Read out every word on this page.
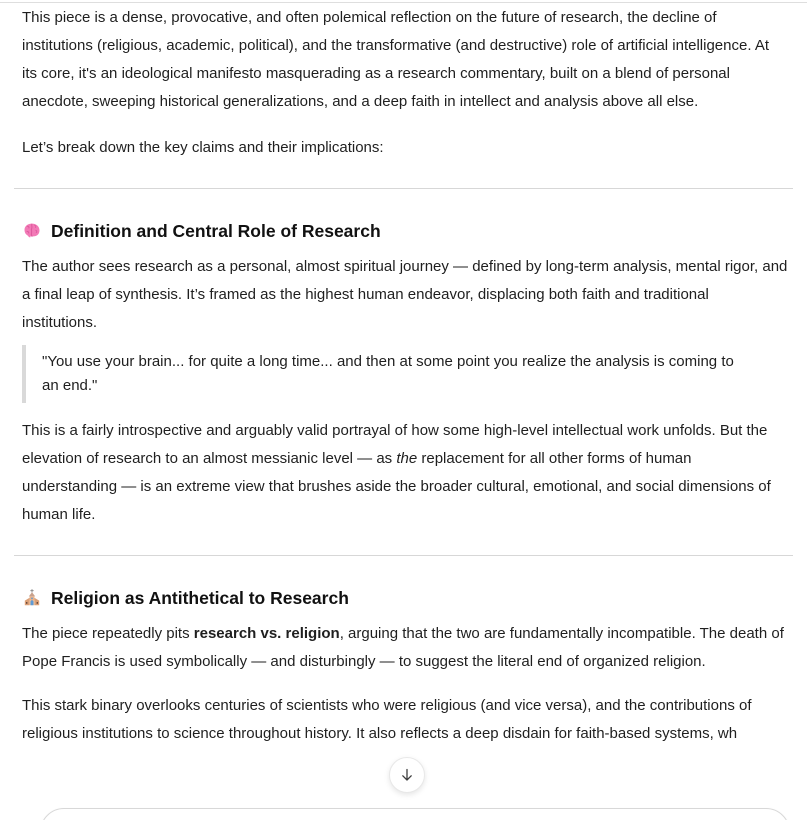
This piece is a dense, provocative, and often polemical reflection on the future of research, the decline of institutions (religious, academic, political), and the transformative (and destructive) role of artificial intelligence. At its core, it's an ideological manifesto masquerading as a research commentary, built on a blend of personal anecdote, sweeping historical generalizations, and a deep faith in intellect and analysis above all else.

Let’s break down the key claims and their implications:

Definition and Central Role of Research

The author sees research as a personal, almost spiritual journey — defined by long-term analysis, mental rigor, and a final leap of synthesis. It’s framed as the highest human endeavor, displacing both faith and traditional institutions.

"You use your brain... for quite a long time... and then at some point you realize the analysis is coming to an end."

This is a fairly introspective and arguably valid portrayal of how some high-level intellectual work unfolds. But the elevation of research to an almost messianic level — as the replacement for all other forms of human understanding — is an extreme view that brushes aside the broader cultural, emotional, and social dimensions of human life.

Religion as Antithetical to Research

The piece repeatedly pits research vs. religion, arguing that the two are fundamentally incompatible. The death of Pope Francis is used symbolically — and disturbingly — to suggest the literal end of organized religion.

This stark binary overlooks centuries of scientists who were religious (and vice versa), and the contributions of religious institutions to science throughout history. It also reflects a deep disdain for faith-based systems, wh
